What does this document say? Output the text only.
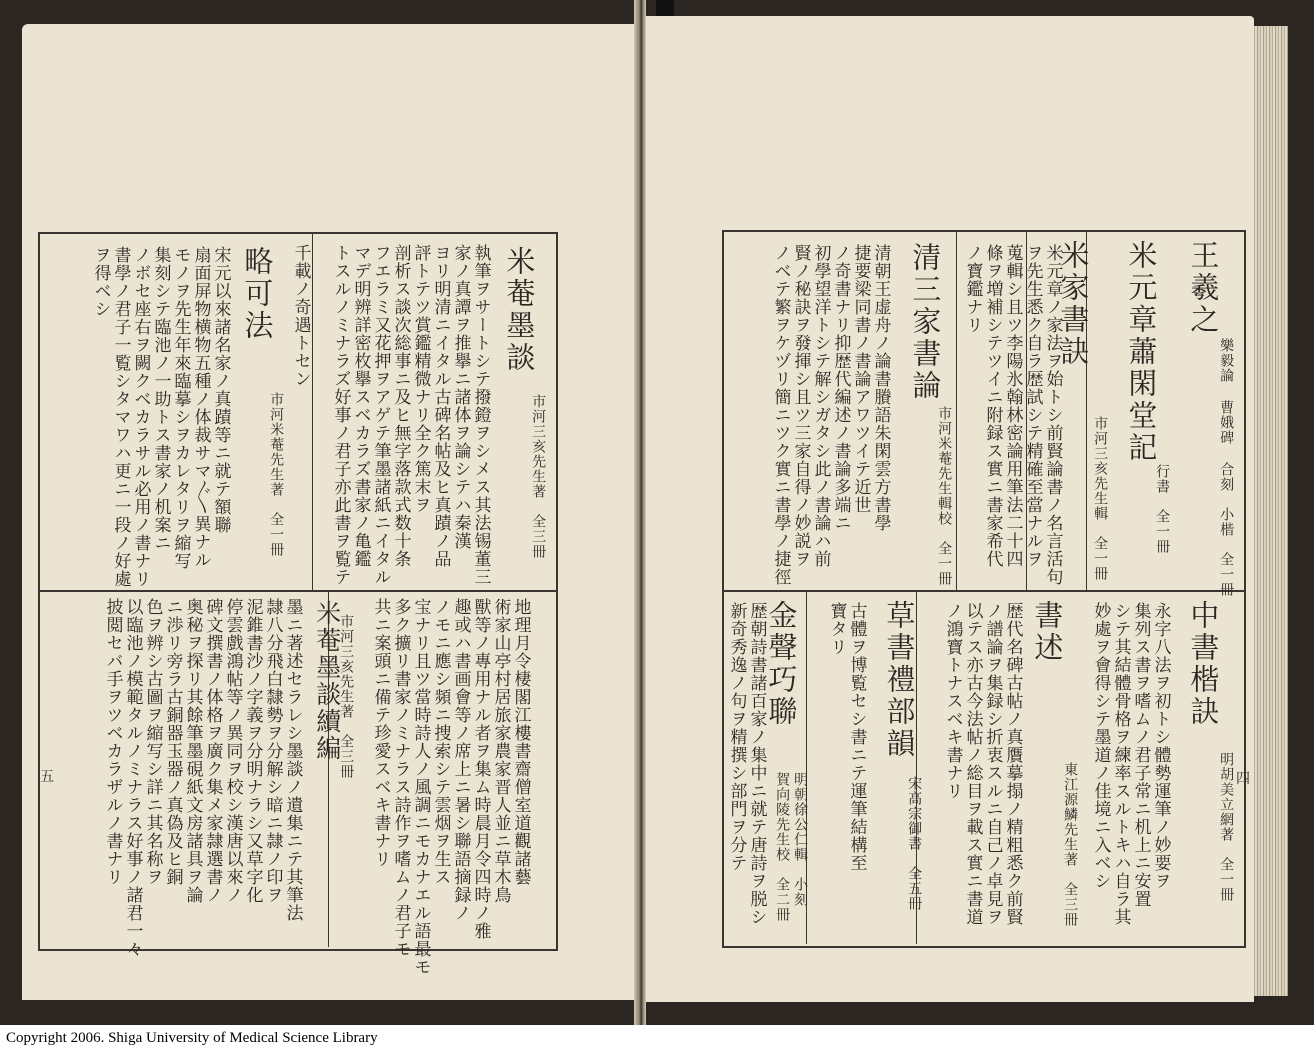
米菴墨談
市河三亥先生著　全三冊
執筆ヲサートシテ撥鐙ヲシメス其法锡董三
家ノ真譚ヲ推擧ニ諸体ヲ論シテハ秦漢
ヨリ明清ニイタル古碑名帖及ヒ真蹟ノ品
評トテツ賞鑑精微ナリ全ク篤末ヲ
剖析ス談次総事ニ及ヒ無字落款式数十条
フエラミ又花押ヲアゲテ筆墨諸紙ニイタル
マデ明辨詳密枚擧スベカラズ書家ノ亀鑑
トスルノミナラズ好事ノ君子亦此書ヲ覧テ
千載ノ奇遇トセン
略可法
市河米菴先生著　全一冊
宋元以來諸名家ノ真蹟等ニ就テ額聯
扇面屏物横物五種ノ体裁サマ〴〵異ナル
モノヲ先生年來臨摹シヲカレタリヲ縮写
集刻シテ臨池ノ一助トス書家ノ机案ニ
ノボセ座右ヲ闕クベカラサル必用ノ書ナリ
書學ノ君子一覧シタマワハ更ニ一段ノ好處
ヲ得ベシ
地理月令棲閣江樓書齋僧室道觀諸藝
術家山亭村居旅家農家晋人並ニ草木鳥
獸等ノ專用ナル者ヲ集ム時晨月令四時ノ雅
趣或ハ書画會等ノ席上ニ暑シ聯語摘録ノ
ノモニ應シ頻ニ捜索シテ雲烟ヲ生ス
宝ナリ且ツ當時詩人ノ風調ニモカナエル語最モ
多ク擴リ書家ノミナラス詩作ヲ嗜ムノ君子モ
共ニ案頭ニ備テ珍愛スベキ書ナリ
米菴墨談續編
市河三亥先生著　全三冊
墨ニ著述セラレシ墨談ノ遺集ニテ其筆法
隷八分飛白隸勢ヲ分解シ暗ニ隷ノ印ヲ
泥錐書沙ノ字義ヲ分明ナラシ又草字化
停雲戲鴻帖等ノ異同ヲ校シ漢唐以來ノ
碑文撰書ノ体格ヲ廣ク集メ家隷選書ノ
奥秘ヲ探リ其餘筆墨硯紙文房諸具ヲ論
ニ渉リ旁ラ古銅器玉器ノ真偽及ヒ銅
色ヲ辨シ古圖ヲ縮写シ詳ニ其名称ヲ
以臨池ノ模範タルノミナラス好事ノ諸君一々
披閲セバ手ヲツベカラザルノ書ナリ
五
王羲之
樂毅論 曹娥碑 合刻　小楷　全一冊
米元章蕭閑堂記
行書　全一冊
米家書訣
市河三亥先生輯　全一冊
米元章ノ家法ヲ始トシ前賢論書ノ名言活句
ヲ先生悉ク自ラ歴試シテ精確至當ナルヲ
蒐輯シ且ツ李陽氷翰林密論用筆法二十四
條ヲ増補シテツイニ附録ス實ニ書家希代
ノ寶鑑ナリ
清三家書論
市河米菴先生輯校　全一冊
清朝王虚舟ノ論書賸語朱閑雲方書學
捷要梁同書ノ書論アワツイテ近世
ノ奇書ナリ抑歴代編述ノ書論多端ニ
初學望洋トシテ解シガタシ此ノ書論ハ前
賢ノ秘訣ヲ發揮シ且ツ三家自得ノ妙説ヲ
ノベテ繁ヲケヅリ簡ニツク實ニ書學ノ捷徑
中書楷訣
明胡美立網著　全一冊
永字八法ヲ初トシ體勢運筆ノ妙要ヲ
集列ス書ヲ嗜ムノ君子常ニ机上ニ安置
シテ其結體骨格ヲ練率スルトキハ自ラ其
妙處ヲ會得シテ墨道ノ佳境ニ入ベシ
東江源鱗先生著　全三冊
書述
歴代名碑古帖ノ真贋摹搨ノ精粗悉ク前賢
ノ譜論ヲ集録シ折衷スルニ自己ノ卓見ヲ
以テス亦古今法帖ノ総目ヲ載ス實ニ書道
ノ鴻寶トナスベキ書ナリ
草書禮部韻
宋高宗御書　全五冊
古體ヲ博覧セシ書ニテ運筆結構至
寶タリ
金聲巧聯
明朝徐公仁輯　小刻
賀向陵先生校　全二冊
歴朝詩書諸百家ノ集中ニ就テ唐詩ヲ脱シ
新奇秀逸ノ句ヲ精撰シ部門ヲ分テ	四
Copyright 2006. Shiga University of Medical Science Library
